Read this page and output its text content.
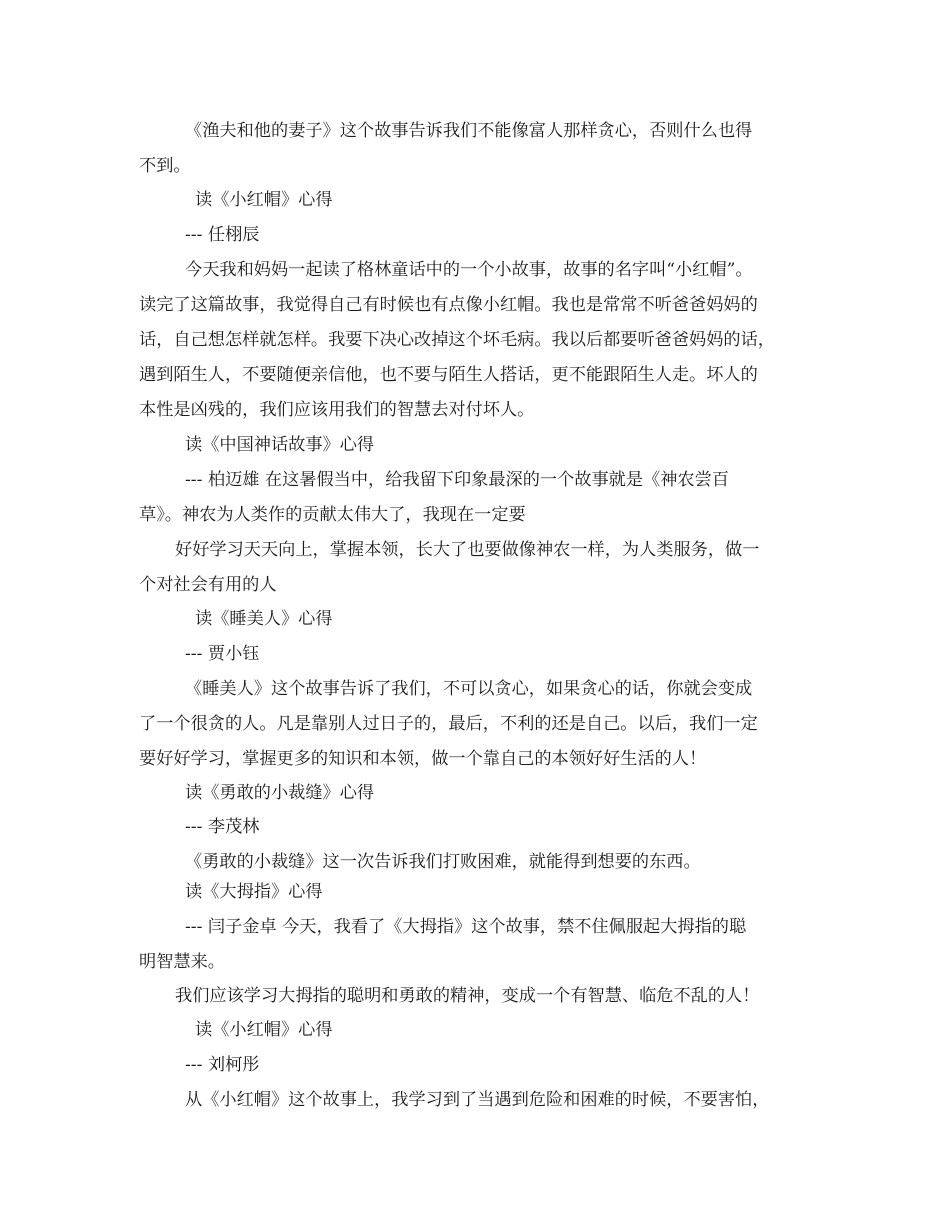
《渔夫和他的妻子》这个故事告诉我们不能像富人那样贪心，否则什么也得
不到。
读《小红帽》心得
--- 任栩辰
今天我和妈妈一起读了格林童话中的一个小故事，故事的名字叫“小红帽”。
读完了这篇故事，我觉得自己有时候也有点像小红帽。我也是常常不听爸爸妈妈的
话，自己想怎样就怎样。我要下决心改掉这个坏毛病。我以后都要听爸爸妈妈的话，
遇到陌生人，不要随便亲信他，也不要与陌生人搭话，更不能跟陌生人走。坏人的
本性是凶残的，我们应该用我们的智慧去对付坏人。
读《中国神话故事》心得
--- 柏迈雄 在这暑假当中，给我留下印象最深的一个故事就是《神农尝百
草》。神农为人类作的贡献太伟大了，我现在一定要
好好学习天天向上，掌握本领，长大了也要做像神农一样，为人类服务，做一
个对社会有用的人
读《睡美人》心得
--- 贾小钰
《睡美人》这个故事告诉了我们，不可以贪心，如果贪心的话，你就会变成
了一个很贪的人。凡是靠别人过日子的，最后，不利的还是自己。以后，我们一定
要好好学习，掌握更多的知识和本领，做一个靠自己的本领好好生活的人！
读《勇敢的小裁缝》心得
--- 李茂林
《勇敢的小裁缝》这一次告诉我们打败困难，就能得到想要的东西。
读《大拇指》心得
--- 闫子金卓 今天，我看了《大拇指》这个故事，禁不住佩服起大拇指的聪
明智慧来。
我们应该学习大拇指的聪明和勇敢的精神，变成一个有智慧、临危不乱的人！
读《小红帽》心得
--- 刘柯彤
从《小红帽》这个故事上，我学习到了当遇到危险和困难的时候，不要害怕，
